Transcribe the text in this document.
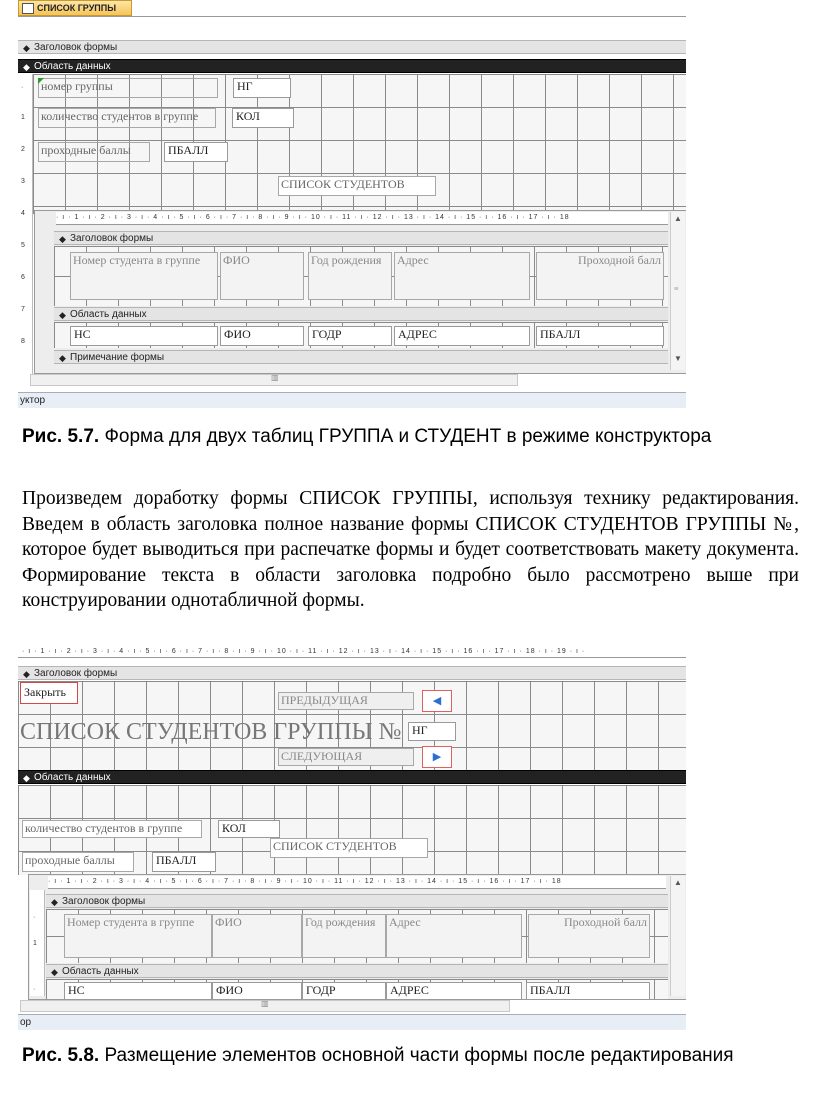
СПИСОК ГРУППЫ
◆ Заголовок формы
◆ Область данных
·
1
2
3
4
5
6
7
8
номер группы	НГ
количество студентов в группе	КОЛ
проходные баллы	ПБАЛЛ
СПИСОК СТУДЕНТОВ
· ı · 1 · ı · 2 · ı · 3 · ı · 4 · ı · 5 · ı · 6 · ı · 7 · ı · 8 · ı · 9 · ı · 10 · ı · 11 · ı · 12 · ı · 13 · ı · 14 · ı · 15 · ı · 16 · ı · 17 · ı · 18	▲
≡
▼
◆ Заголовок формы
Номер студента в группе	ФИО	Год рождения	Адрес	Проходной балл
◆ Область данных
НС	ФИО	ГОДР	АДРЕС	ПБАЛЛ
◆ Примечание формы
▥
уктор
Рис. 5.7. Форма для двух таблиц ГРУППА и СТУДЕНТ в режиме конструктора
Произведем доработку формы СПИСОК ГРУППЫ, используя технику редактирования. Введем в область заголовка полное название формы СПИСОК СТУДЕНТОВ ГРУППЫ №, которое будет выводиться при распечатке формы и будет соответствовать макету документа. Формирование текста в области заголовка подробно было рассмотрено выше при конструировании однотабличной формы.
· ı · 1 · ı · 2 · ı · 3 · ı · 4 · ı · 5 · ı · 6 · ı · 7 · ı · 8 · ı · 9 · ı · 10 · ı · 11 · ı · 12 · ı · 13 · ı · 14 · ı · 15 · ı · 16 · ı · 17 · ı · 18 · ı · 19 · ı ·
◆ Заголовок формы
Закрыть
ПРЕДЫДУЩАЯ	◀
СПИСОК СТУДЕНТОВ ГРУППЫ № НГ
СЛЕДУЮЩАЯ	▶
◆ Область данных
количество студентов в группе	КОЛ
СПИСОК СТУДЕНТОВ
проходные баллы	ПБАЛЛ
· ı · 1 · ı · 2 · ı · 3 · ı · 4 · ı · 5 · ı · 6 · ı · 7 · ı · 8 · ı · 9 · ı · 10 · ı · 11 · ı · 12 · ı · 13 · ı · 14 · ı · 15 · ı · 16 · ı · 17 · ı · 18	▲
·
1
·
◆ Заголовок формы
Номер студента в группе	ФИО	Год рождения	Адрес	Проходной балл
◆ Область данных
НС	ФИО	ГОДР	АДРЕС	ПБАЛЛ
▥
ор
Рис. 5.8. Размещение элементов основной части формы после редактирования
